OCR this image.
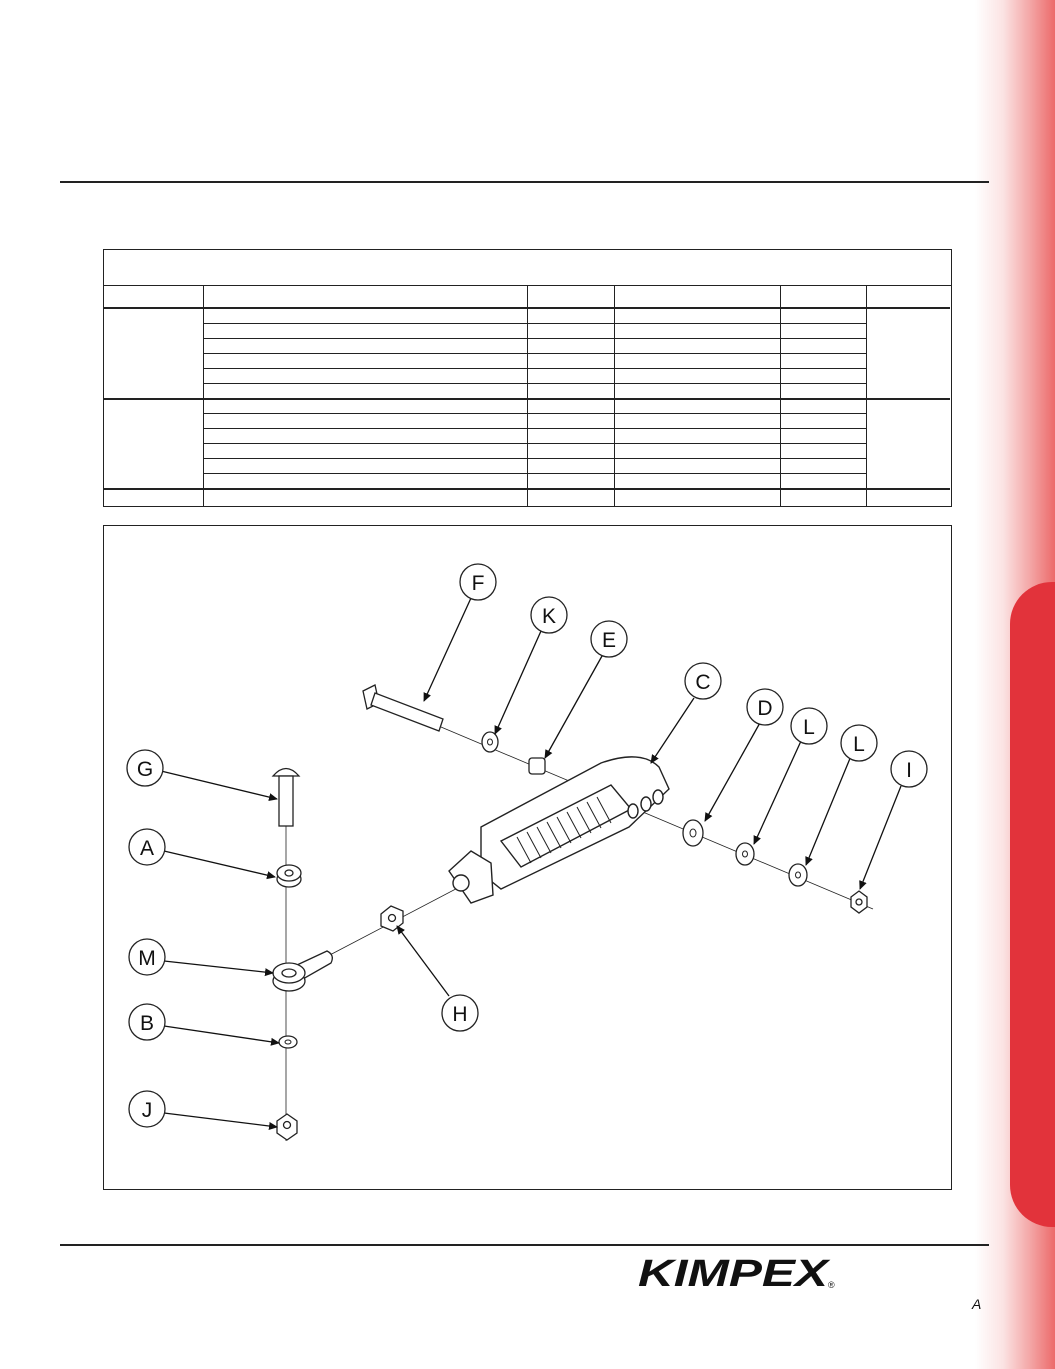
F
K
E
C
D
L
L
I
G
A
M
H
B
J
KIMPEX
®
A
